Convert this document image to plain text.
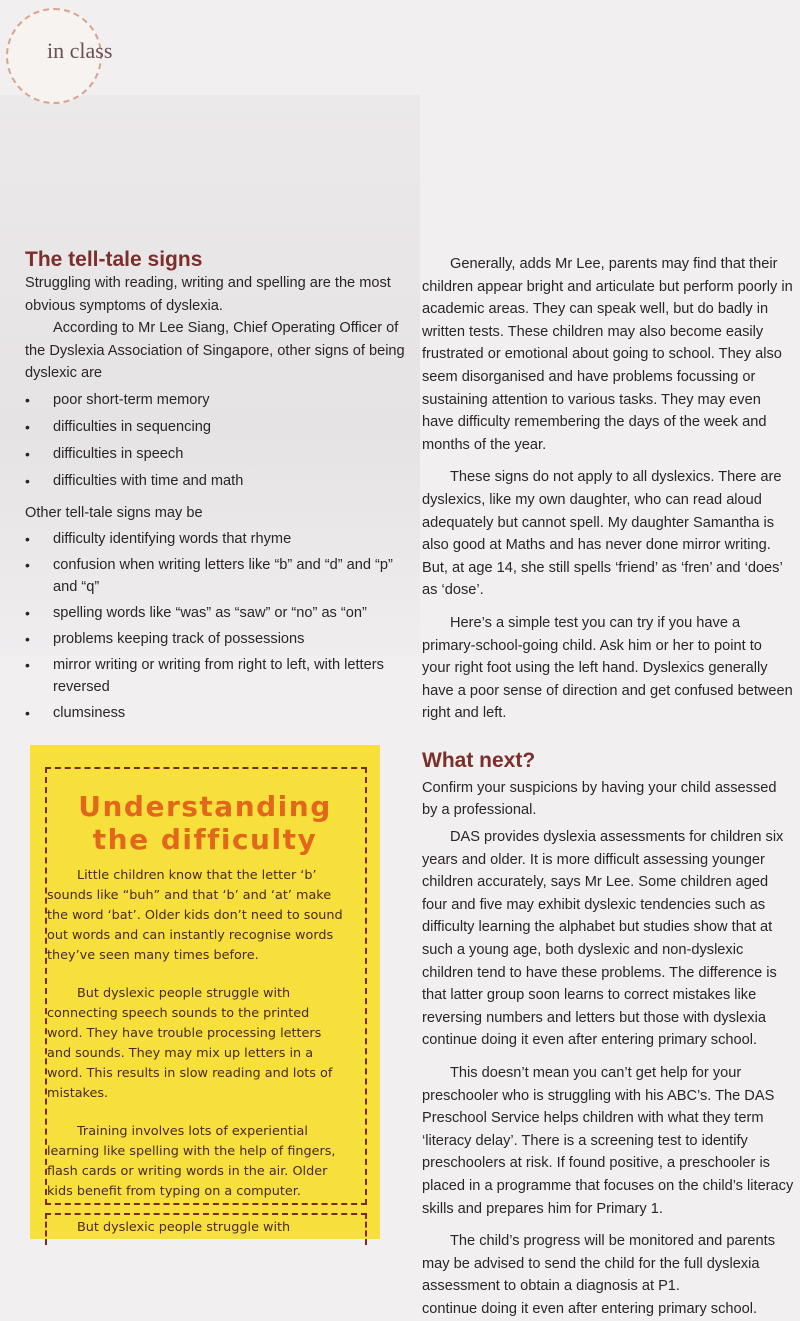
in class
The tell-tale signs

Struggling with reading, writing and spelling are the most obvious symptoms of dyslexia.

According to Mr Lee Siang, Chief Operating Officer of the Dyslexia Association of Singapore, other signs of being dyslexic are

• poor short-term memory
• difficulties in sequencing
• difficulties in speech
• difficulties with time and math

Other tell-tale signs may be

• difficulty identifying words that rhyme
• confusion when writing letters like “b” and “d” and “p” and “q”
• spelling words like “was” as “saw” or “no” as “on”
• problems keeping track of possessions
• mirror writing or writing from right to left, with letters reversed
• clumsiness
Understanding
the difficulty

Little children know that the letter ‘b’ sounds like “buh” and that ‘b’ and ‘at’ make the word ‘bat’. Older kids don’t need to sound out words and can instantly recognise words they’ve seen many times before.

But dyslexic people struggle with connecting speech sounds to the printed word. They have trouble processing letters and sounds. They may mix up letters in a word. This results in slow reading and lots of mistakes.

Training involves lots of experiential learning like spelling with the help of fingers, flash cards or writing words in the air. Older kids benefit from typing on a computer.

But dyslexic people struggle with

Generally, adds Mr Lee, parents may find that their children appear bright and articulate but perform poorly in academic areas. They can speak well, but do badly in written tests. These children may also become easily frustrated or emotional about going to school. They also seem disorganised and have problems focussing or sustaining attention to various tasks. They may even have difficulty remembering the days of the week and months of the year.

These signs do not apply to all dyslexics. There are dyslexics, like my own daughter, who can read aloud adequately but cannot spell. My daughter Samantha is also good at Maths and has never done mirror writing. But, at age 14, she still spells ‘friend’ as ‘fren’ and ‘does’ as ‘dose’.

Here’s a simple test you can try if you have a primary-school-going child. Ask him or her to point to your right foot using the left hand. Dyslexics generally have a poor sense of direction and get confused between right and left.

What next?

Confirm your suspicions by having your child assessed by a professional.

DAS provides dyslexia assessments for children six years and older. It is more difficult assessing younger children accurately, says Mr Lee. Some children aged four and five may exhibit dyslexic tendencies such as difficulty learning the alphabet but studies show that at such a young age, both dyslexic and non-dyslexic children tend to have these problems. The difference is that latter group soon learns to correct mistakes like reversing numbers and letters but those with dyslexia continue doing it even after entering primary school.

This doesn’t mean you can’t get help for your preschooler who is struggling with his ABC’s. The DAS Preschool Service helps children with what they term ‘literacy delay’. There is a screening test to identify preschoolers at risk. If found positive, a preschooler is placed in a programme that focuses on the child’s literacy skills and prepares him for Primary 1.

The child’s progress will be monitored and parents may be advised to send the child for the full dyslexia assessment to obtain a diagnosis at P1.

continue doing it even after entering primary school.
